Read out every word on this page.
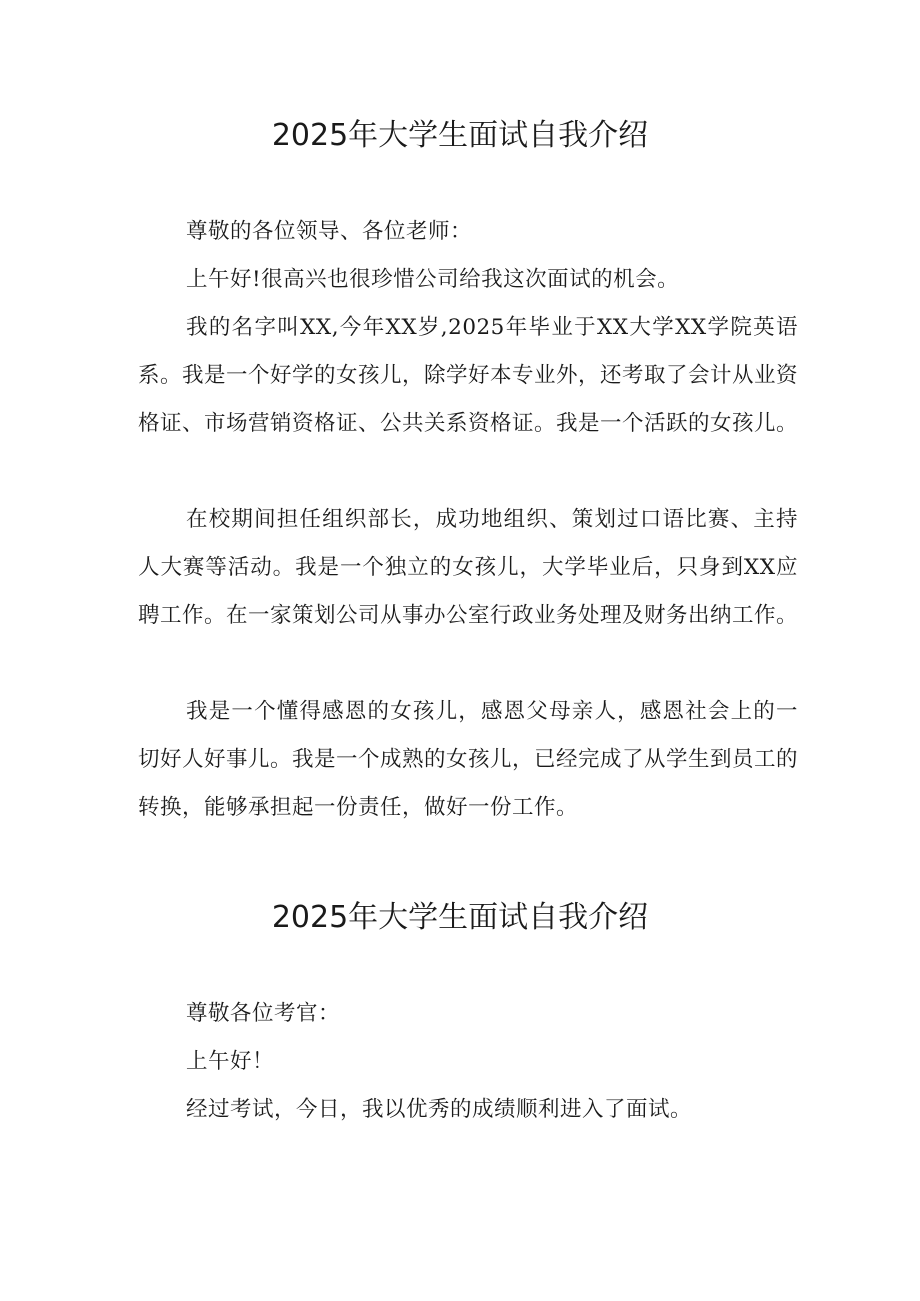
2025年大学生面试自我介绍

尊敬的各位领导、各位老师：

上午好!很高兴也很珍惜公司给我这次面试的机会。

我的名字叫XX,今年XX岁,2025年毕业于XX大学XX学院英语系。我是一个好学的女孩儿，除学好本专业外，还考取了会计从业资格证、市场营销资格证、公共关系资格证。我是一个活跃的女孩儿。

在校期间担任组织部长，成功地组织、策划过口语比赛、主持人大赛等活动。我是一个独立的女孩儿，大学毕业后，只身到XX应聘工作。在一家策划公司从事办公室行政业务处理及财务出纳工作。

我是一个懂得感恩的女孩儿，感恩父母亲人，感恩社会上的一切好人好事儿。我是一个成熟的女孩儿，已经完成了从学生到员工的转换，能够承担起一份责任，做好一份工作。

2025年大学生面试自我介绍

尊敬各位考官：

上午好！

经过考试，今日，我以优秀的成绩顺利进入了面试。
